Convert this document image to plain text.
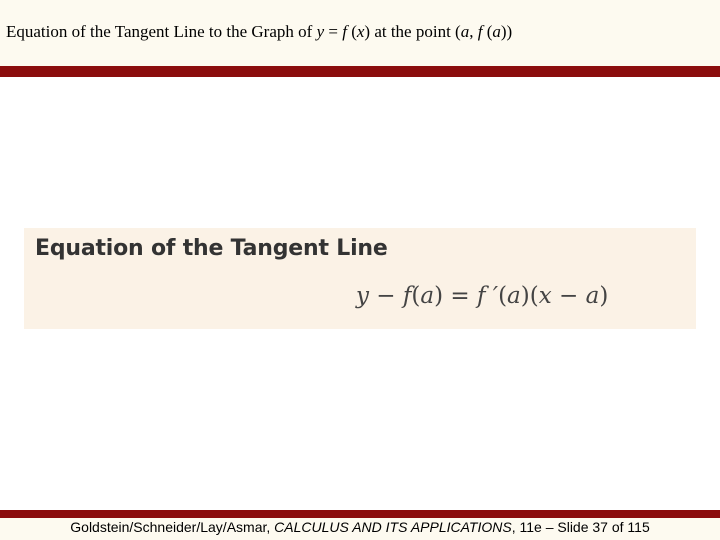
Equation of the Tangent Line to the Graph of y = f (x) at the point (a, f (a))
Equation of the Tangent Line
y − f(a) = f ′(a)(x − a)
Goldstein/Schneider/Lay/Asmar, CALCULUS AND ITS APPLICATIONS, 11e – Slide 37 of 115
